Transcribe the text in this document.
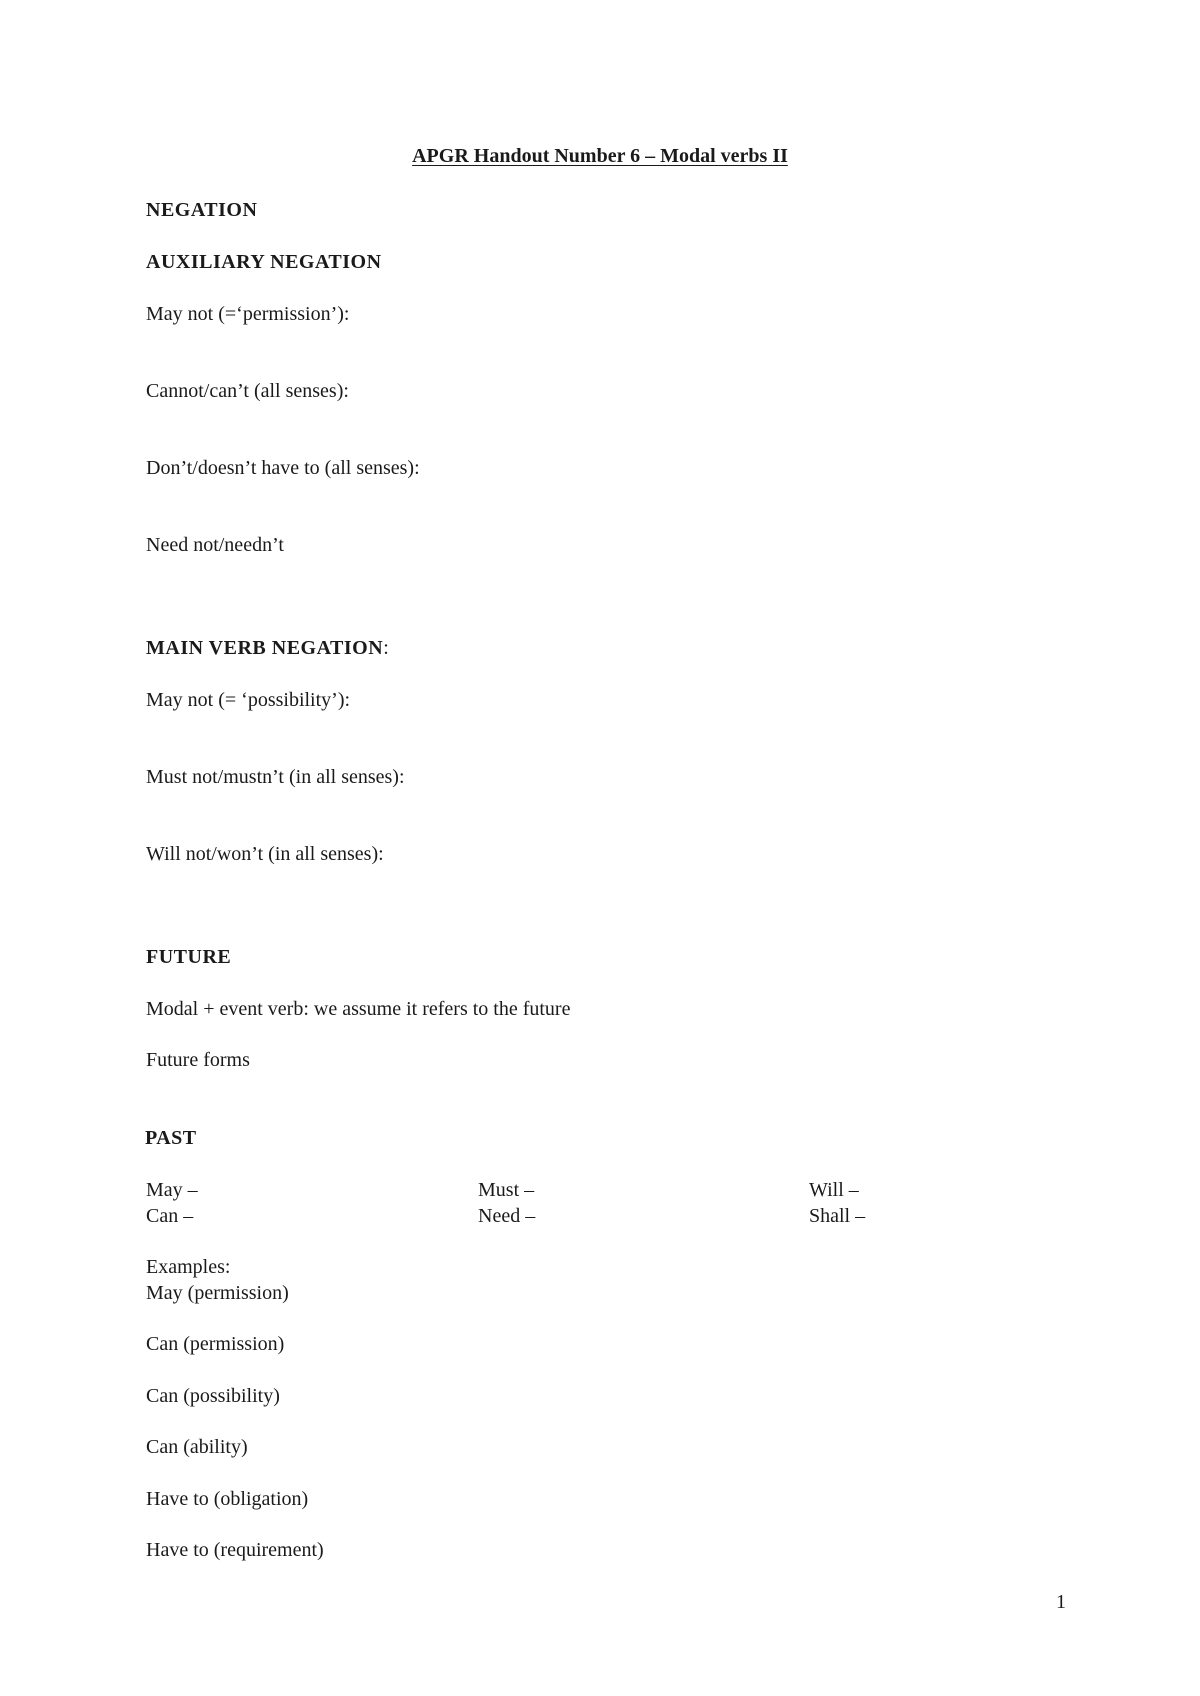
APGR Handout Number 6 – Modal verbs II
NEGATION
AUXILIARY NEGATION
May not (=‘permission’):
Cannot/can’t (all senses):
Don’t/doesn’t have to (all senses):
Need not/needn’t
MAIN VERB NEGATION:
May not (= ‘possibility’):
Must not/mustn’t (in all senses):
Will not/won’t (in all senses):
FUTURE
Modal + event verb: we assume it refers to the future
Future forms
PAST
May –	Must –	Will –
Can –	Need –	Shall –
Examples:
May (permission)
Can (permission)
Can (possibility)
Can (ability)
Have to (obligation)
Have to (requirement)
1
